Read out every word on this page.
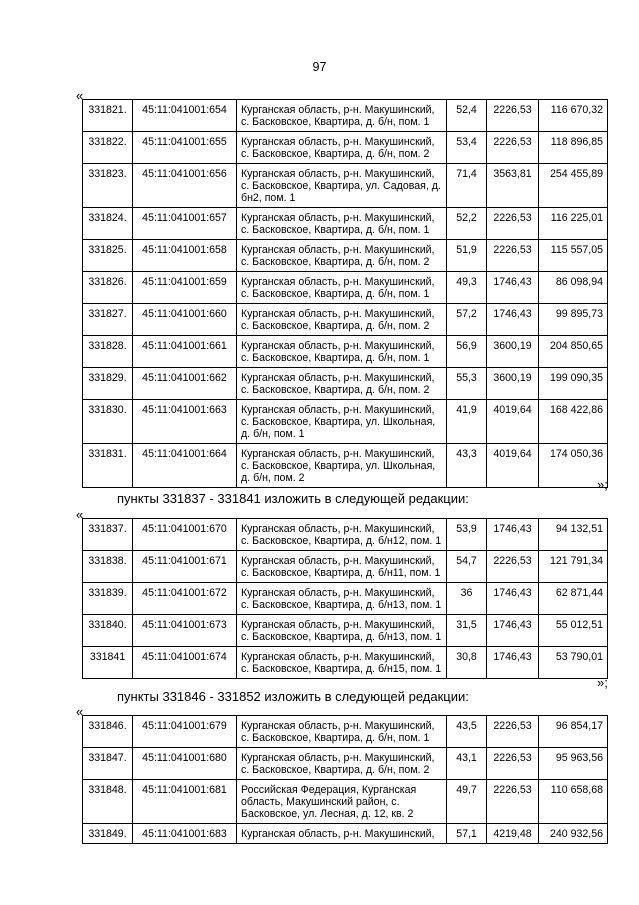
97
«
331821.	45:11:041001:654	Курганская область, р-н. Макушинский, с. Басковское, Квартира, д. б/н, пом. 1	52,4	2226,53	116 670,32
331822.	45:11:041001:655	Курганская область, р-н. Макушинский, с. Басковское, Квартира, д. б/н, пом. 2	53,4	2226,53	118 896,85
331823.	45:11:041001:656	Курганская область, р-н. Макушинский, с. Басковское, Квартира, ул. Садовая, д. бн2, пом. 1	71,4	3563,81	254 455,89
331824.	45:11:041001:657	Курганская область, р-н. Макушинский, с. Басковское, Квартира, д. б/н, пом. 1	52,2	2226,53	116 225,01
331825.	45:11:041001:658	Курганская область, р-н. Макушинский, с. Басковское, Квартира, д. б/н, пом. 2	51,9	2226,53	115 557,05
331826.	45:11:041001:659	Курганская область, р-н. Макушинский, с. Басковское, Квартира, д. б/н, пом. 1	49,3	1746,43	86 098,94
331827.	45:11:041001:660	Курганская область, р-н. Макушинский, с. Басковское, Квартира, д. б/н, пом. 2	57,2	1746,43	99 895,73
331828.	45:11:041001:661	Курганская область, р-н. Макушинский, с. Басковское, Квартира, д. б/н, пом. 1	56,9	3600,19	204 850,65
331829.	45:11:041001:662	Курганская область, р-н. Макушинский, с. Басковское, Квартира, д. б/н, пом. 2	55,3	3600,19	199 090,35
331830.	45:11:041001:663	Курганская область, р-н. Макушинский, с. Басковское, Квартира, ул. Школьная, д. б/н, пом. 1	41,9	4019,64	168 422,86
331831.	45:11:041001:664	Курганская область, р-н. Макушинский, с. Басковское, Квартира, ул. Школьная, д. б/н, пом. 2	43,3	4019,64	174 050,36
»;
пункты 331837 - 331841 изложить в следующей редакции:
«
331837.	45:11:041001:670	Курганская область, р-н. Макушинский, с. Басковское, Квартира, д. б/н12, пом. 1	53,9	1746,43	94 132,51
331838.	45:11:041001:671	Курганская область, р-н. Макушинский, с. Басковское, Квартира, д. б/н11, пом. 1	54,7	2226,53	121 791,34
331839.	45:11:041001:672	Курганская область, р-н. Макушинский, с. Басковское, Квартира, д. б/н13, пом. 1	36	1746,43	62 871,44
331840.	45:11:041001:673	Курганская область, р-н. Макушинский, с. Басковское, Квартира, д. б/н13, пом. 1	31,5	1746,43	55 012,51
331841	45:11:041001:674	Курганская область, р-н. Макушинский, с. Басковское, Квартира, д. б/н15, пом. 1	30,8	1746,43	53 790,01
»;
пункты 331846 - 331852 изложить в следующей редакции:
«
331846.	45:11:041001:679	Курганская область, р-н. Макушинский, с. Басковское, Квартира, д. б/н, пом. 1	43,5	2226,53	96 854,17
331847.	45:11:041001:680	Курганская область, р-н. Макушинский, с. Басковское, Квартира, д. б/н, пом. 2	43,1	2226,53	95 963,56
331848.	45:11:041001:681	Российская Федерация, Курганская область, Макушинский район, с. Басковское, ул. Лесная, д. 12, кв. 2	49,7	2226,53	110 658,68
331849.	45:11:041001:683	Курганская область, р-н. Макушинский,	57,1	4219,48	240 932,56
